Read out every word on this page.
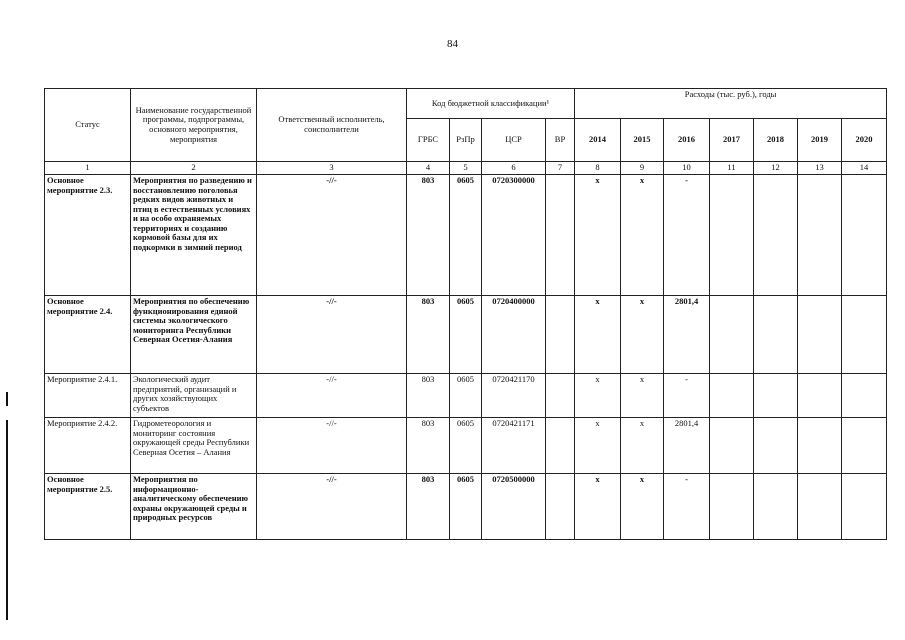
84
Статус	Наименование государственной программы, подпрограммы, основного мероприятия, мероприятия	Ответственный исполнитель, соисполнители	Код бюджетной классификации¹				Расходы (тыс. руб.), годы						
			ГРБС	РзПр	ЦСР	ВР	2014	2015	2016	2017	2018	2019	2020
1	2	3	4	5	6	7	8	9	10	11	12	13	14
Основное мероприятие 2.3.	Мероприятия по разведению и восстановлению поголовья редких видов животных и птиц в естественных условиях и на особо охраняемых территориях и созданию кормовой базы для их подкормки в зимний период	-//-	803	0605	0720300000		x	x	-				
Основное мероприятие 2.4.	Мероприятия по обеспечению функционирования единой системы экологического мониторинга Республики Северная Осетия-Алания	-//-	803	0605	0720400000		x	x	2801,4				
Мероприятие 2.4.1.	Экологический аудит предприятий, организаций и других хозяйствующих субъектов	-//-	803	0605	0720421170		x	x	-				
Мероприятие 2.4.2.	Гидрометеорология и мониторинг состояния окружающей среды Республики Северная Осетия – Алания	-//-	803	0605	0720421171		x	x	2801,4				
Основное мероприятие 2.5.	Мероприятия по информационно-аналитическому обеспечению охраны окружающей среды и природных ресурсов	-//-	803	0605	0720500000		x	x	-				
